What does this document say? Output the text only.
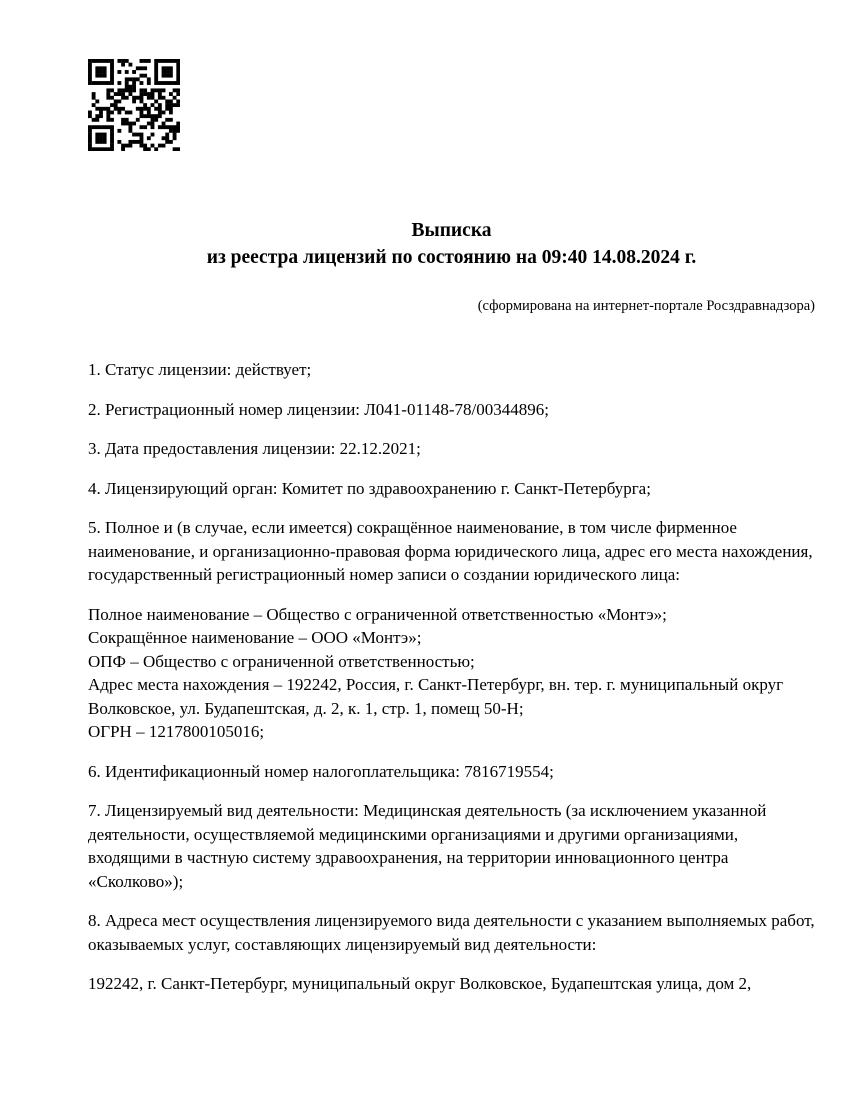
Выписка
из реестра лицензий по состоянию на 09:40 14.08.2024 г.
(сформирована на интернет-портале Росздравнадзора)

1. Статус лицензии: действует;

2. Регистрационный номер лицензии: Л041-01148-78/00344896;

3. Дата предоставления лицензии: 22.12.2021;

4. Лицензирующий орган: Комитет по здравоохранению г. Санкт-Петербурга;

5. Полное и (в случае, если имеется) сокращённое наименование, в том числе фирменное наименование, и организационно-правовая форма юридического лица, адрес его места нахождения, государственный регистрационный номер записи о создании юридического лица:

Полное наименование – Общество с ограниченной ответственностью «Монтэ»;
Сокращённое наименование – ООО «Монтэ»;
ОПФ – Общество с ограниченной ответственностью;
Адрес места нахождения – 192242, Россия, г. Санкт-Петербург, вн. тер. г. муниципальный округ Волковское, ул. Будапештская, д. 2, к. 1, стр. 1, помещ 50-Н;
ОГРН – 1217800105016;

6. Идентификационный номер налогоплательщика: 7816719554;

7. Лицензируемый вид деятельности: Медицинская деятельность (за исключением указанной деятельности, осуществляемой медицинскими организациями и другими организациями, входящими в частную систему здравоохранения, на территории инновационного центра «Сколково»);

8. Адреса мест осуществления лицензируемого вида деятельности с указанием выполняемых работ, оказываемых услуг, составляющих лицензируемый вид деятельности:

192242, г. Санкт-Петербург, муниципальный округ Волковское, Будапештская улица, дом 2,
